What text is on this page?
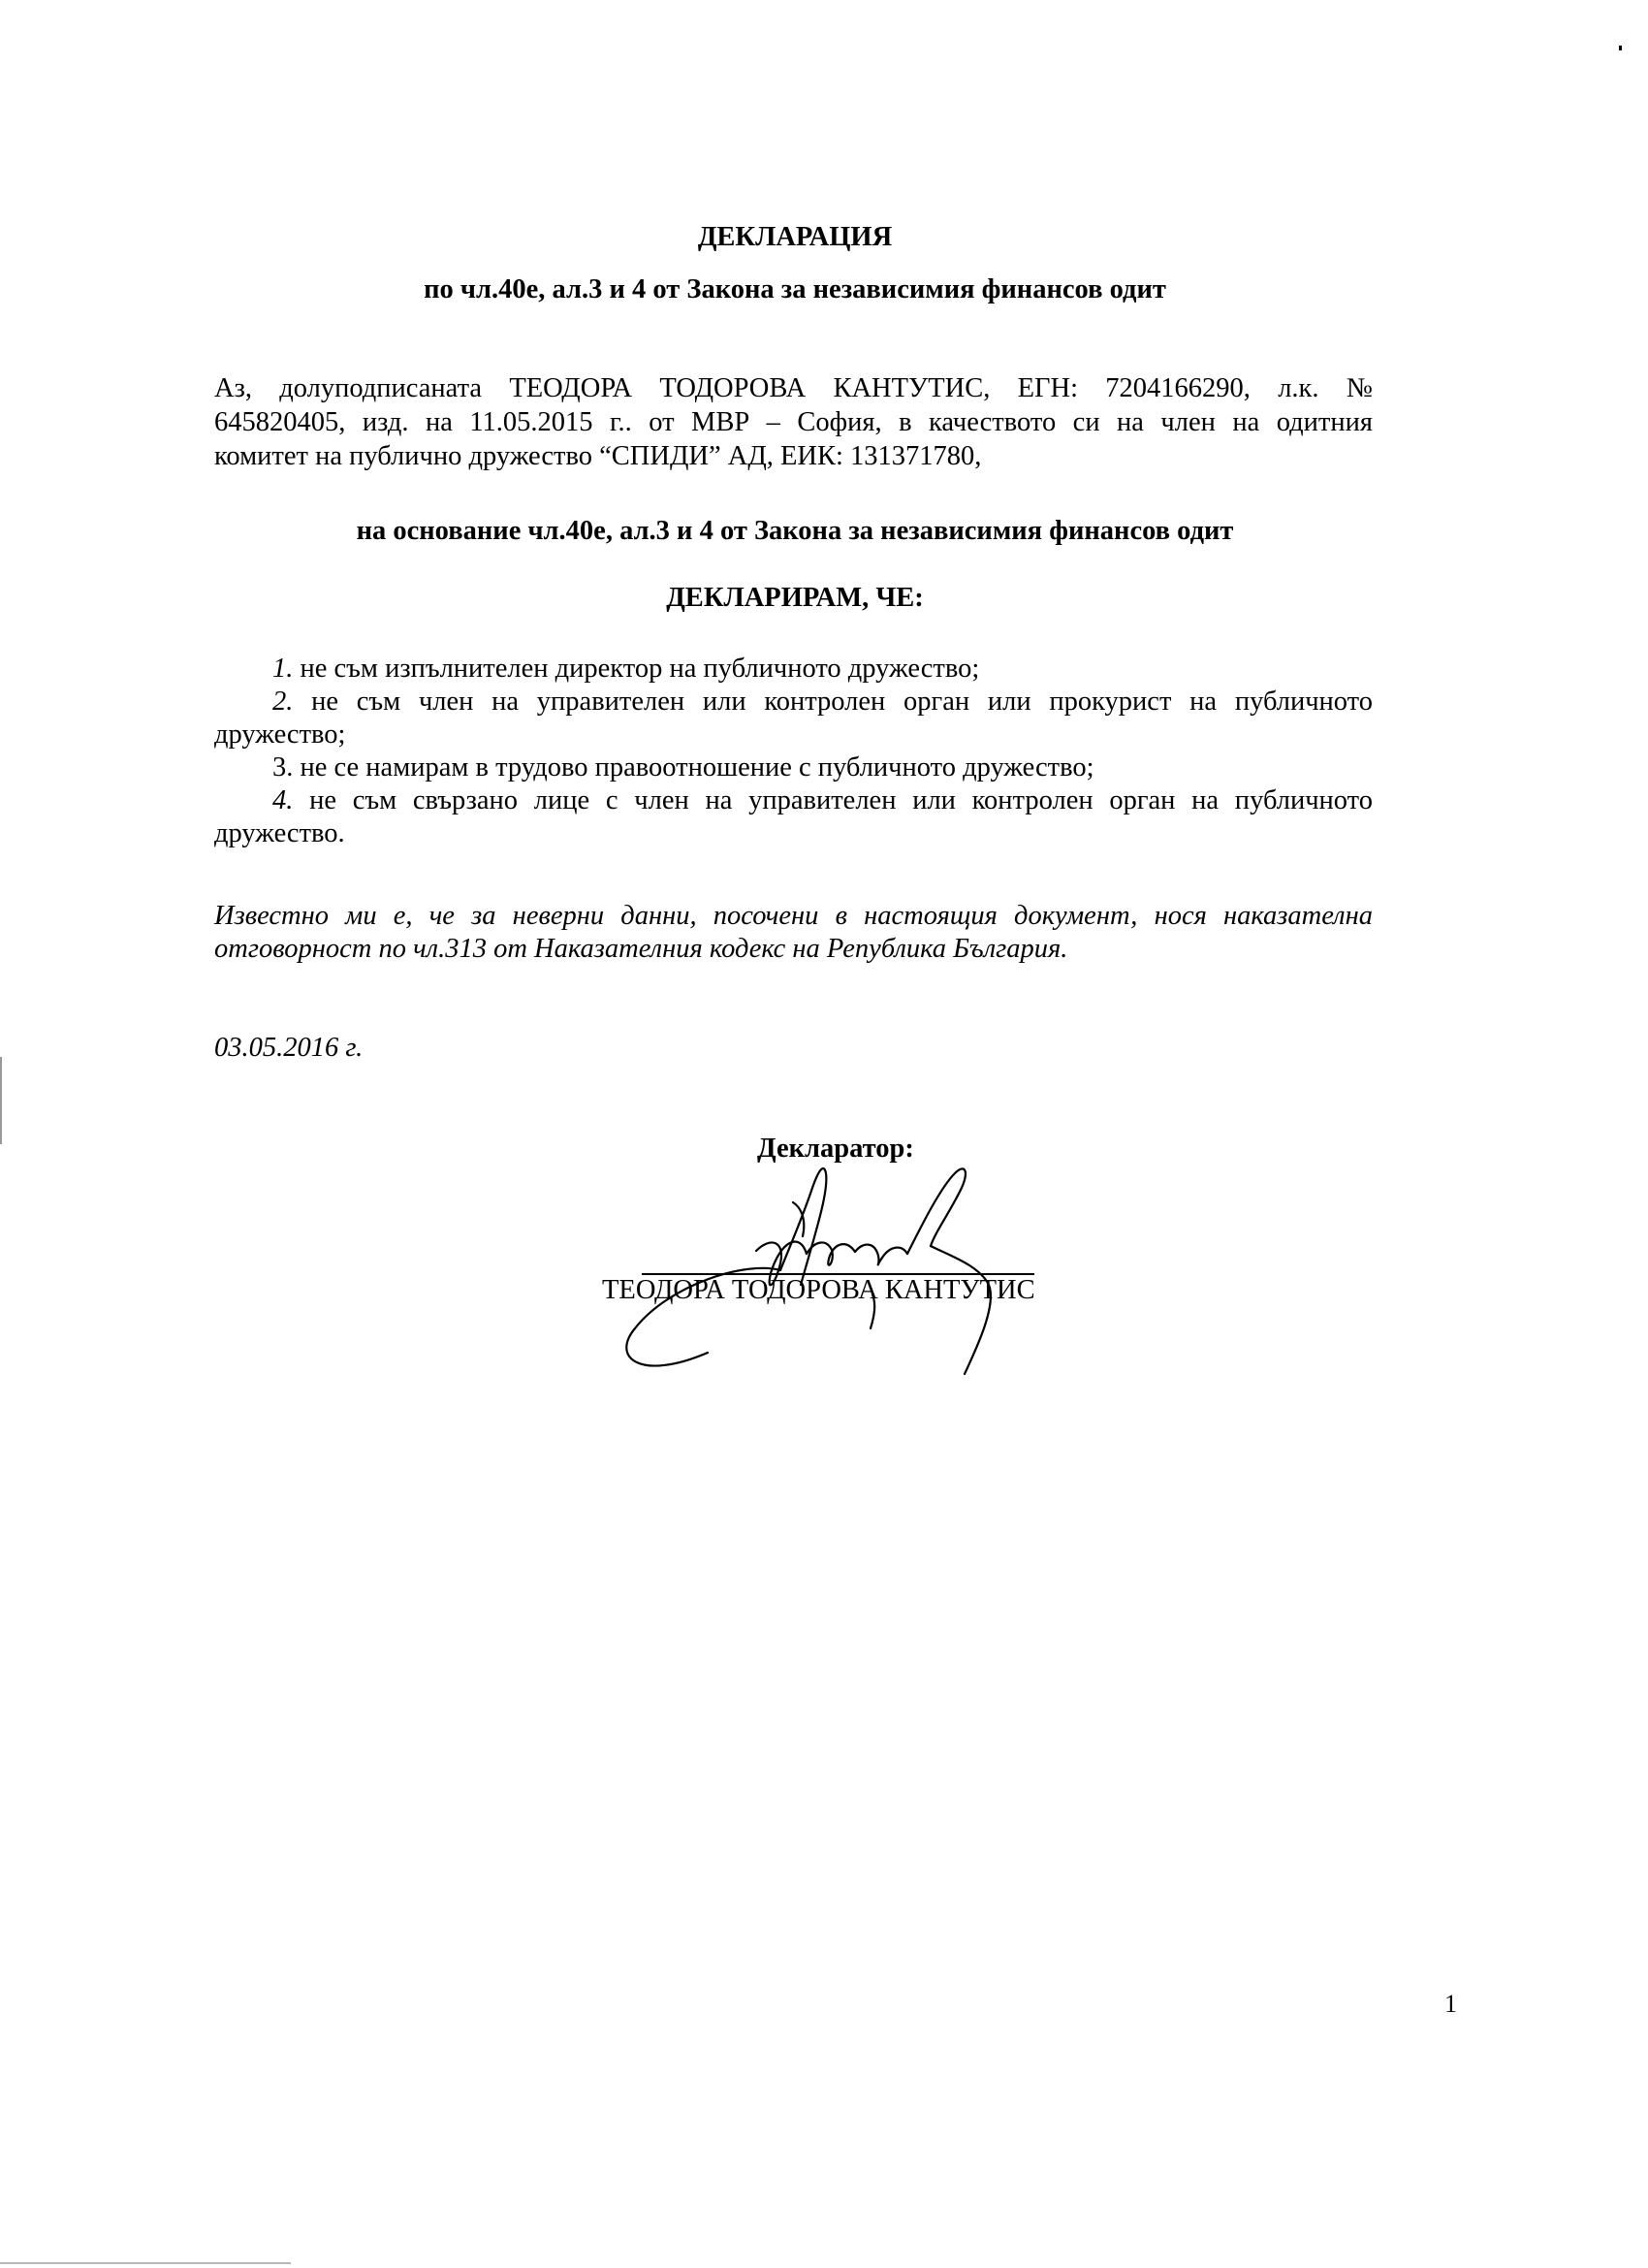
ДЕКЛАРАЦИЯ
по чл.40е, ал.3 и 4 от Закона за независимия финансов одит
Аз, долуподписаната ТЕОДОРА ТОДОРОВА КАНТУТИС, ЕГН: 7204166290, л.к. №
645820405, изд. на 11.05.2015 г.. от МВР – София, в качеството си на член на одитния
комитет на публично дружество “СПИДИ” АД, ЕИК: 131371780,
на основание чл.40е, ал.3 и 4 от Закона за независимия финансов одит
ДЕКЛАРИРАМ, ЧЕ:
1. не съм изпълнителен директор на публичното дружество;
2. не съм член на управителен или контролен орган или прокурист на публичното
дружество;
3. не се намирам в трудово правоотношение с публичното дружество;
4. не съм свързано лице с член на управителен или контролен орган на публичното
дружество.
Известно ми е, че за неверни данни, посочени в настоящия документ, нося наказателна
отговорност по чл.313 от Наказателния кодекс на Република България.
03.05.2016 г.
Декларатор:
ТЕОДОРА ТОДОРОВА КАНТУТИС
1
